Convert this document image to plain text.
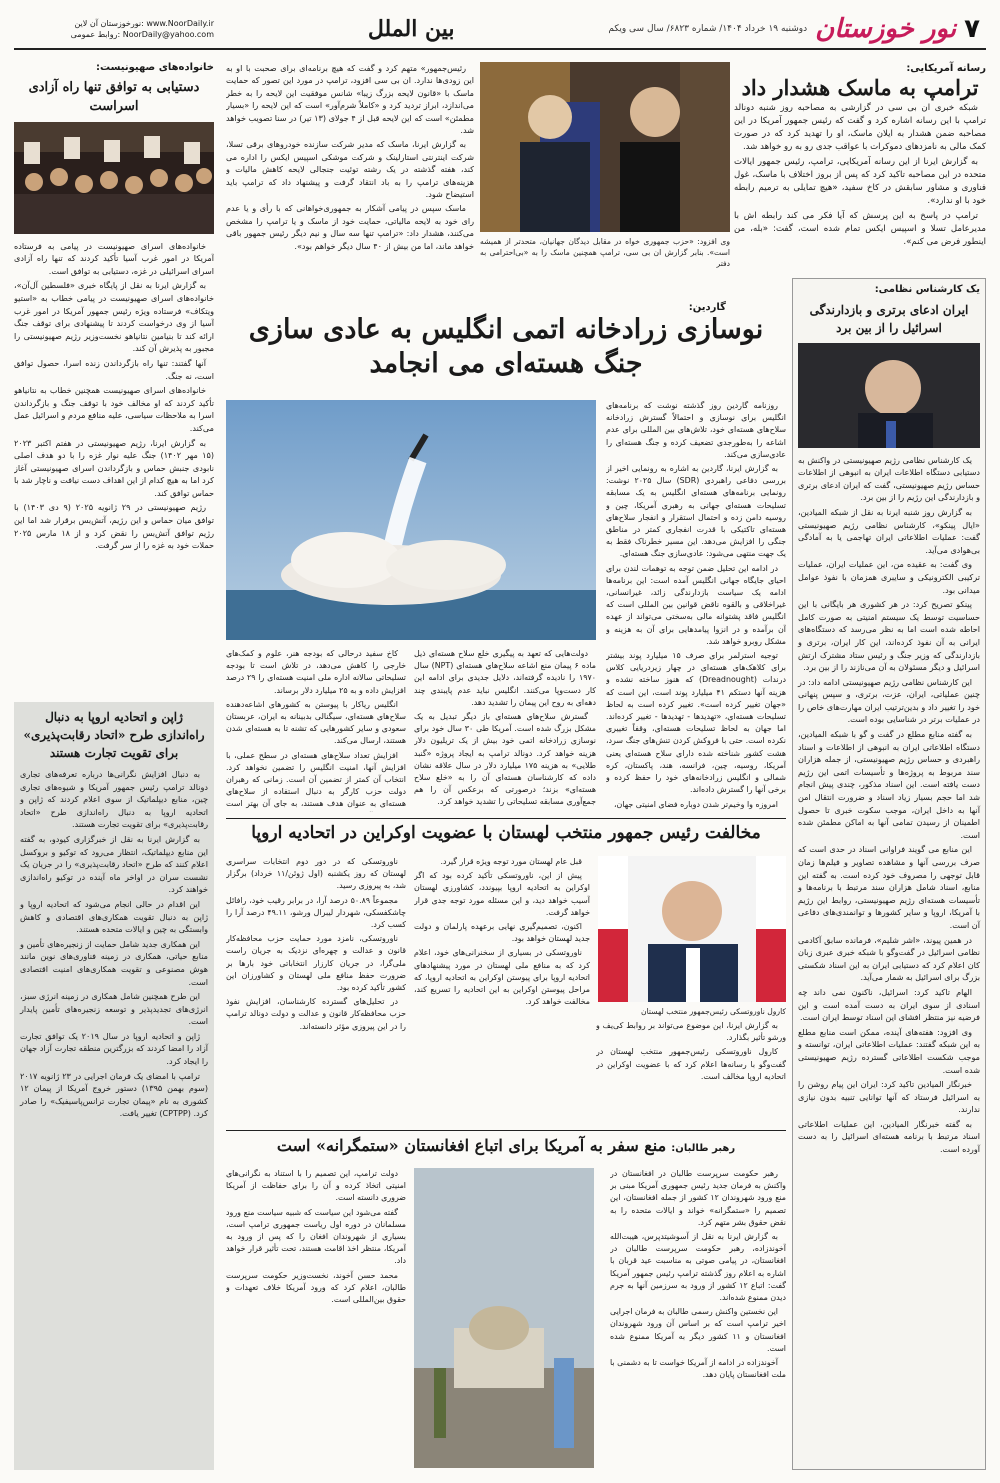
۷
نور خوزستان
دوشنبه ۱۹ خرداد ۱۴۰۴/ شماره ۶۸۲۳/ سال سی ویکم
بین الملل
نورخوزستان آن لاین: www.NoorDaily.ir
روابط عمومی: NoorDaily@yahoo.com
رسانه آمریکایی:
ترامپ به ماسک هشدار داد

شبکه خبری ان بی سی در گزارشی به مصاحبه روز شنبه دونالد ترامپ با این رسانه اشاره کرد و گفت که رئیس جمهور آمریکا در این مصاحبه ضمن هشدار به ایلان ماسک، او را تهدید کرد که در صورت کمک مالی به نامزدهای دموکرات با عواقب جدی رو به رو خواهد شد.

به گزارش ایرنا از این رسانه آمریکایی، ترامپ، رئیس جمهور ایالات متحده در این مصاحبه تاکید کرد که پس از بروز اختلاف با ماسک، غول فناوری و مشاور سابقش در کاخ سفید، «هیچ تمایلی به ترمیم رابطه خود با او ندارد».

ترامپ در پاسخ به این پرسش که آیا فکر می کند رابطه اش با مدیرعامل تسلا و اسپیس ایکس تمام شده است، گفت: «بله، من اینطور فرض می کنم».

وی افزود: «حزب جمهوری خواه در مقابل دیدگان جهانیان، متحدتر از همیشه است». بنابر گزارش ان بی سی، ترامپ همچنین ماسک را به «بی‌احترامی به دفتر

رئیس‌جمهور» متهم کرد و گفت که هیچ برنامه‌ای برای صحبت با او به این زودی‌ها ندارد. ان بی سی افزود، ترامپ در مورد این تصور که حمایت ماسک با «قانون لایحه بزرگ زیبا» شانس موفقیت این لایحه را به خطر می‌اندازد، ابراز تردید کرد و «کاملاً شرم‌آور» است که این لایحه را «بسیار مطمئن» است که این لایحه قبل از ۴ جولای (۱۳ تیر) در سنا تصویب خواهد شد.

به گزارش ایرنا، ماسک که مدیر شرکت سازنده خودروهای برقی تسلا، شرکت اینترنتی استارلینک و شرکت موشکی اسپیس ایکس را اداره می کند، هفته گذشته در یک رشته توئیت جنجالی لایحه کاهش مالیات و هزینه‌های ترامپ را به باد انتقاد گرفت و پیشنهاد داد که ترامپ باید استیضاح شود.

ماسک سپس در پیامی آشکار به جمهوری‌خواهانی که با رأی و یا عدم رای خود به لایحه مالیاتی، حمایت خود از ماسک و یا ترامپ را مشخص می‌کنند، هشدار داد: «ترامپ تنها سه سال و نیم دیگر رئیس جمهور باقی خواهد ماند، اما من بیش از ۴۰ سال دیگر خواهم بود».

خانواده‌های صهیونیست:
دستیابی به توافق تنها راه آزادی اسراست

خانواده‌های اسرای صهیونیست در پیامی به فرستاده آمریکا در امور غرب آسیا تأکید کردند که تنها راه آزادی اسرای اسرائیلی در غزه، دستیابی به توافق است.

به گزارش ایرنا به نقل از پایگاه خبری «فلسطین آل‌آن»، خانواده‌های اسرای صهیونیست در پیامی خطاب به «استیو ویتکاف» فرستاده ویژه رئیس جمهور آمریکا در امور غرب آسیا از وی درخواست کردند تا پیشنهادی برای توقف جنگ ارائه کند تا بنیامین نتانیاهو نخست‌وزیر رژیم صهیونیستی را مجبور به پذیرش آن کند.

آنها گفتند: تنها راه بازگرداندن زنده اسرا، حصول توافق است، نه جنگ.

خانواده‌های اسرای صهیونیست همچنین خطاب به نتانیاهو تأکید کردند که او مخالف خود با توقف جنگ و بازگرداندن اسرا به ملاحظات سیاسی، علیه منافع مردم و اسرائیل عمل می‌کند.

به گزارش ایرنا، رژیم صهیونیستی در هفتم اکتبر ۲۰۲۳ (۱۵ مهر ۱۴۰۲) جنگ علیه نوار غزه را با دو هدف اصلی نابودی جنبش حماس و بازگرداندن اسرای صهیونیستی آغاز کرد اما به هیچ کدام از این اهداف دست نیافت و ناچار شد با حماس توافق کند.

رژیم صهیونیستی در ۲۹ ژانویه ۲۰۲۵ (۹ دی ۱۴۰۳) با توافق میان حماس و این رژیم، آتش‌بس برقرار شد اما این رژیم توافق آتش‌بس را نقض کرد و از ۱۸ مارس ۲۰۲۵ حملات خود به غزه را از سر گرفت.

ژاپن و اتحادیه اروپا به دنبال راه‌اندازی طرح «اتحاد رقابت‌پذیری» برای تقویت تجارت هستند

به دنبال افزایش نگرانی‌ها درباره تعرفه‌های تجاری دونالد ترامپ رئیس جمهور آمریکا و شیوه‌های تجاری چین، منابع دیپلماتیک از سوی اعلام کردند که ژاپن و اتحادیه اروپا به دنبال راه‌اندازی طرح «اتحاد رقابت‌پذیری» برای تقویت تجارت هستند.

به گزارش ایرنا به نقل از خبرگزاری کیودو، به گفته این منابع دیپلماتیک، انتظار می‌رود که توکیو و بروکسل اعلام کنند که طرح «اتحاد رقابت‌پذیری» را در جریان یک نشست سران در اواخر ماه آینده در توکیو راه‌اندازی خواهند کرد.

این اقدام در حالی انجام می‌شود که اتحادیه اروپا و ژاپن به دنبال تقویت همکاری‌های اقتصادی و کاهش وابستگی به چین و ایالات متحده هستند.

این همکاری جدید شامل حمایت از زنجیره‌های تأمین و منابع حیاتی، همکاری در زمینه فناوری‌های نوین مانند هوش مصنوعی و تقویت همکاری‌های امنیت اقتصادی است.

این طرح همچنین شامل همکاری در زمینه انرژی سبز، انرژی‌های تجدیدپذیر و توسعه زنجیره‌های تأمین پایدار است.

ژاپن و اتحادیه اروپا در سال ۲۰۱۹ یک توافق تجارت آزاد را امضا کردند که بزرگترین منطقه تجارت آزاد جهان را ایجاد کرد.

ترامپ با امضای یک فرمان اجرایی در ۲۳ ژانویه ۲۰۱۷ (سوم بهمن ۱۳۹۵) دستور خروج آمریکا از پیمان ۱۲ کشوری به نام «پیمان تجارت ترانس‌پاسیفیک» را صادر کرد. (CPTPP) تغییر یافت.

یک کارشناس نظامی:
ایران ادعای برتری و بازدارندگی اسرائیل را از بین برد

یک کارشناس نظامی رژیم صهیونیستی در واکنش به دستیابی دستگاه اطلاعات ایران به انبوهی از اطلاعات حساس رژیم صهیونیستی، گفت که ایران ادعای برتری و بازدارندگی این رژیم را از بین برد.

به گزارش روز شنبه ایرنا به نقل از شبکه المیادین، «ایال پینکو»، کارشناس نظامی رژیم صهیونیستی گفت: عملیات اطلاعاتی ایران تهاجمی یا به آمادگی بی‌هوادی می‌آید.

وی گفت: به عقیده من، این عملیات ایران، عملیات ترکیبی الکترونیکی و سایبری همزمان با نفوذ عوامل میدانی بود.

پینکو تصریح کرد: در هر کشوری هر بایگانی با این حساسیت توسط یک سیستم امنیتی به صورت کامل احاطه شده است اما به نظر می‌رسد که دستگاه‌های ایرانی به آن نفوذ کرده‌اند، این کار ایران، برتری و بازدارندگی که وزیر جنگ و رئیس ستاد مشترک ارتش اسرائیل و دیگر مسئولان به آن می‌نازند را از بین برد.

این کارشناس نظامی رژیم صهیونیستی ادامه داد: در چنین عملیاتی، ایران، عزت، برتری، و سپس پنهانی خود را تغییر داد و بدین‌ترتیب ایران مهارت‌های خاص را در عملیات برتر در شناسایی بوده است.

به گفته منابع مطلع در گفت و گو با شبکه المیادین، دستگاه اطلاعاتی ایران به انبوهی از اطلاعات و اسناد راهبردی و حساس رژیم صهیونیستی، از جمله هزاران سند مربوط به پروژه‌ها و تأسیسات اتمی این رژیم دست یافته است. این اسناد مذکور، چندی پیش انجام شد اما حجم بسیار زیاد اسناد و ضرورت انتقال امن آنها به داخل ایران، موجب سکوت خبری تا حصول اطمینان از رسیدن تمامی آنها به اماکن مطمئن شده است.

این منابع می گویند فراوانی اسناد در حدی است که صرف بررسی آنها و مشاهده تصاویر و فیلم‌ها زمان قابل توجهی را مصروف خود کرده است. به گفته این منابع، اسناد شامل هزاران سند مرتبط با برنامه‌ها و تأسیسات هسته‌ای رژیم صهیونیستی، روابط این رژیم با آمریکا، اروپا و سایر کشورها و توانمندی‌های دفاعی آن است.

در همین پیوند، «اشر شلیم»، فرمانده سابق آکادمی نظامی اسرائیل در گفت‌وگو با شبکه خبری عبری زبان کان اعلام کرد که دستیابی ایران به این اسناد شکستی بزرگ برای اسرائیل به شمار می‌آید.

الهام تاکید کرد: اسرائیل، ناکنون نمی داند چه اسنادی از سوی ایران به دست آمده است و این فرضیه نیز منتظر افشای این اسناد توسط ایران است.

وی افزود: هفته‌های آینده، ممکن است منابع مطلع به این شبکه گفتند: عملیات اطلاعاتی ایران، توانسته و موجب شکست اطلاعاتی گسترده رژیم صهیونیستی شده است.

خبرنگار المیادین تاکید کرد: ایران این پیام روشن را به اسرائیل فرستاد که آنها توانایی تنبیه بدون نیازی ندارند.

به گفته خبرنگار المیادین، این عملیات اطلاعاتی اسناد مرتبط با برنامه هسته‌ای اسرائیل را به دست آورده است.

گاردین:
نوسازی زرادخانه اتمی انگلیس به عادی سازی
جنگ هسته‌ای می انجامد

روزنامه گاردین روز گذشته نوشت که برنامه‌های انگلیس برای نوسازی و احتمالاً گسترش زرادخانه سلاح‌های هسته‌ای خود، تلاش‌های بین المللی برای عدم اشاعه را به‌طورجدی تضعیف کرده و جنگ هسته‌ای را عادی‌سازی می‌کند.

به گزارش ایرنا، گاردین به اشاره به رونمایی اخیر از بررسی دفاعی راهبردی (SDR) سال ۲۰۲۵ نوشت: رونمایی برنامه‌های هسته‌ای انگلیس به یک مسابقه تسلیحات هسته‌ای جهانی به رهبری آمریکا، چین و روسیه دامن زده و احتمال استقرار و انفجار سلاح‌های هسته‌ای تاکتیکی با قدرت انفجاری کمتر در مناطق جنگی را افزایش می‌دهد. این مسیر خطرناک فقط به یک جهت منتهی می‌شود: عادی‌سازی جنگ هسته‌ای.

در ادامه این تحلیل ضمن توجه به توهمات لندن برای احیای جایگاه جهانی انگلیس آمده است: این برنامه‌ها ادامه یک سیاست بازدارندگی زائد، غیرانسانی، غیراخلاقی و بالقوه ناقض قوانین بین المللی است که انگلیس فاقد پشتوانه مالی به‌سختی می‌تواند از عهده آن برآمده و در انزوا پیامدهایی برای آن به هزینه و مشکل روبرو خواهد شد.

توجیه استرلمر برای صرف ۱۵ میلیارد پوند بیشتر برای کلاهک‌های هسته‌ای در چهار زیردریایی کلاس درندات (Dreadnought) که هنوز ساخته نشده و هزینه آنها دستکم ۴۱ میلیارد پوند است، این است که «جهان تغییر کرده است». تغییر کرده است به لحاظ تسلیحات هسته‌ای، «تهدیدها - تهدیدها - تغییر کرده‌اند. اما جهان به لحاظ تسلیحات هسته‌ای، وقفاً تغییری نکرده است. حتی با فروکش کردن تنش‌های جنگ سرد، هشت کشور شناخته شده دارای سلاح هسته‌ای یعنی آمریکا، روسیه، چین، فرانسه، هند، پاکستان، کره شمالی و انگلیس زرادخانه‌های خود را حفظ کرده و برخی آنها را گسترش داده‌اند.

امروزه وا وخیم‌تر شدن دوباره فضای امنیتی جهان،

کاخ سفید درحالی که بودجه هنر، علوم و کمک‌های خارجی را کاهش می‌دهد، در تلاش است تا بودجه تسلیحاتی سالانه اداره ملی امنیت هسته‌ای را ۲۹ درصد افزایش داده و به ۲۵ میلیارد دلار برساند.

انگلیس ریاکار با پیوستن به کشورهای اشاعه‌دهنده سلاح‌های هسته‌ای، سیگنالی بدبینانه به ایران، عربستان سعودی و سایر کشورهایی که تشنه تا به هسته‌ای شدن هستند، ارسال می‌کند.

افزایش تعداد سلاح‌های هسته‌ای در سطح عملی، با افزایش آنها، امنیت انگلیس را تضمین نخواهد کرد. انتخاب آن کمتر از تضمین آن است. زمانی که رهبران دولت حزب کارگر به دنبال استفاده از سلاح‌های هسته‌ای به عنوان هدف هستند، به جای آن بهتر است

دولت‌هایی که تعهد به پیگیری خلع سلاح هسته‌ای ذیل ماده ۶ پیمان منع اشاعه سلاح‌های هسته‌ای (NPT) سال ۱۹۷۰ را نادیده گرفته‌اند، دلایل جدیدی برای ادامه این کار دست‌وپا می‌کنند. انگلیس نباید عدم پایبندی چند دهه‌ای به روح این پیمان را تشدید دهد.

گسترش سلاح‌های هسته‌ای باز دیگر تبدیل به یک مشکل بزرگ شده است. آمریکا طی ۳۰ سال خود برای نوسازی زرادخانه اتمی خود بیش از یک تریلیون دلار هزینه خواهد کرد. دونالد ترامپ به ایجاد پروژه «گنبد طلایی» به هزینه ۱۷۵ میلیارد دلار در سال علاقه نشان داده که کارشناسان هسته‌ای آن را به «خلع سلاح هسته‌ای» بزند؛ درصورتی که برعکس آن را هم جمع‌آوری مسابقه تسلیحاتی را تشدید خواهد کرد.

مخالفت رئیس جمهور منتخب لهستان با عضویت اوکراین در اتحادیه اروپا

کارول ناوروتسکی رئیس‌جمهور منتخب لهستان

به گزارش ایرنا، این موضوع می‌تواند بر روابط کی‌یف و ورشو تأثیر بگذارد.

کارول ناوروتسکی رئیس‌جمهور منتخب لهستان در گفت‌وگو با رسانه‌ها اعلام کرد که با عضویت اوکراین در اتحادیه اروپا مخالف است.

قبل عام لهستان مورد توجه ویژه قرار گیرد.

پیش از این، ناوروتسکی تأکید کرده بود که اگر اوکراین به اتحادیه اروپا بپیوندد، کشاورزی لهستان آسیب خواهد دید، و این مسئله مورد توجه جدی قرار خواهد گرفت.

اکنون، تصمیم‌گیری نهایی برعهده پارلمان و دولت جدید لهستان خواهد بود.

ناوروتسکی در بسیاری از سخنرانی‌های خود، اعلام کرد که به منافع ملی لهستان در مورد پیشنهادهای اتحادیه اروپا برای پیوستن اوکراین به اتحادیه اروپا، که مراحل پیوستن اوکراین به این اتحادیه را تسریع کند، مخالفت خواهد کرد.

ناوروتسکی که در دور دوم انتخابات سراسری لهستان که روز یکشنبه (اول ژوئن/۱۱ خرداد) برگزار شد، به پیروزی رسید.

مجموعاً ۵۰.۸۹ درصد آرا، در برابر رقیب خود، رافائل چاشکفسکی، شهردار لیبرال ورشو، ۴۹.۱۱ درصد آرا را کسب کرد.

ناوروتسکی، نامزد مورد حمایت حزب محافظه‌کار قانون و عدالت و چهره‌ای نزدیک به جریان راست ملی‌گرا، در جریان کارزار انتخاباتی خود بارها بر ضرورت حفظ منافع ملی لهستان و کشاورزان این کشور تأکید کرده بود.

در تحلیل‌های گسترده کارشناسان، افزایش نفوذ حزب محافظه‌کار قانون و عدالت و دولت دونالد ترامپ را در این پیروزی مؤثر دانسته‌اند.

رهبر طالبان: منع سفر به آمریکا برای اتباع افغانستان «ستمگرانه» است

رهبر حکومت سرپرست طالبان در افغانستان در واکنش به فرمان جدید رئیس جمهوری آمریکا مبنی بر منع ورود شهروندان ۱۲ کشور از جمله افغانستان، این تصمیم را «ستمگرانه» خواند و ایالات متحده را به نقض حقوق بشر متهم کرد.

به گزارش ایرنا به نقل از آسوشیتدپرس، هیبت‌الله آخوندزاده، رهبر حکومت سرپرست طالبان در افغانستان، در پیامی صوتی به مناسبت عید قربان با اشاره به اعلام روز گذشته ترامپ رئیس جمهور آمریکا گفت: اتباع ۱۲ کشور از ورود به سرزمین آنها به جرم دیدن ممنوع شده‌اند.

این نخستین واکنش رسمی طالبان به فرمان اجرایی اخیر ترامپ است که بر اساس آن ورود شهروندان افغانستان و ۱۱ کشور دیگر به آمریکا ممنوع شده است.

آخوندزاده در ادامه از آمریکا خواست تا به دشمنی با ملت افغانستان پایان دهد.

دولت ترامپ، این تصمیم را با استناد به نگرانی‌های امنیتی اتخاذ کرده و آن را برای حفاظت از آمریکا ضروری دانسته است.

گفته می‌شود این سیاست که شبیه سیاست منع ورود مسلمانان در دوره اول ریاست جمهوری ترامپ است، بسیاری از شهروندان افغان را که پس از ورود به آمریکا، منتظر اخذ اقامت هستند، تحت تأثیر قرار خواهد داد.

محمد حسن آخوند، نخست‌وزیر حکومت سرپرست طالبان، اعلام کرد که ورود آمریکا خلاف تعهدات و حقوق بین‌المللی است.
